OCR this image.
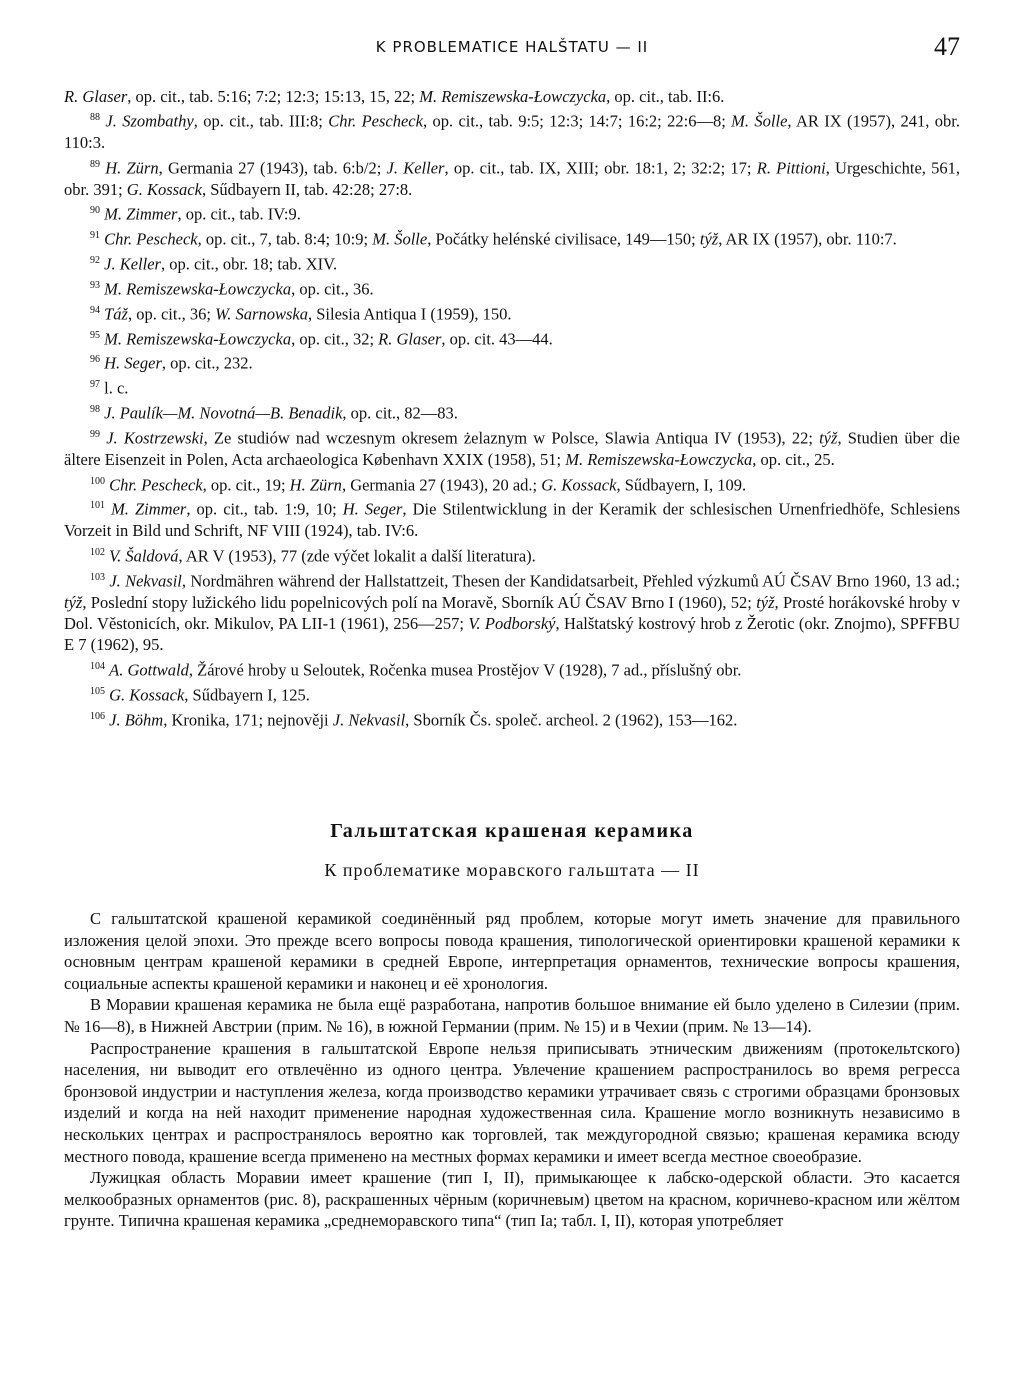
K PROBLEMATICE HALŠTATU — II	47

R. Glaser, op. cit., tab. 5:16; 7:2; 12:3; 15:13, 15, 22; M. Remiszewska-Łowczycka, op. cit., tab. II:6.

$^{88}$ J. Szombathy, op. cit., tab. III:8; Chr. Pescheck, op. cit., tab. 9:5; 12:3; 14:7; 16:2; 22:6—8; M. Šolle, AR IX (1957), 241, obr. 110:3.

$^{89}$ H. Zürn, Germania 27 (1943), tab. 6:b/2; J. Keller, op. cit., tab. IX, XIII; obr. 18:1, 2; 32:2; 17; R. Pittioni, Urgeschichte, 561, obr. 391; G. Kossack, Sűdbayern II, tab. 42:28; 27:8.

$^{90}$ M. Zimmer, op. cit., tab. IV:9.

$^{91}$ Chr. Pescheck, op. cit., 7, tab. 8:4; 10:9; M. Šolle, Počátky helénské civilisace, 149—150; týž, AR IX (1957), obr. 110:7.

$^{92}$ J. Keller, op. cit., obr. 18; tab. XIV.

$^{93}$ M. Remiszewska-Łowczycka, op. cit., 36.

$^{94}$ Táž, op. cit., 36; W. Sarnowska, Silesia Antiqua I (1959), 150.

$^{95}$ M. Remiszewska-Łowczycka, op. cit., 32; R. Glaser, op. cit. 43—44.

$^{96}$ H. Seger, op. cit., 232.

$^{97}$ l. c.

$^{98}$ J. Paulík—M. Novotná—B. Benadik, op. cit., 82—83.

$^{99}$ J. Kostrzewski, Ze studiów nad wczesnym okresem żelaznym w Polsce, Slawia Antiqua IV (1953), 22; týž, Studien über die ältere Eisenzeit in Polen, Acta archaeologica København XXIX (1958), 51; M. Remiszewska-Łowczycka, op. cit., 25.

$^{100}$ Chr. Pescheck, op. cit., 19; H. Zürn, Germania 27 (1943), 20 ad.; G. Kossack, Sűdbayern, I, 109.

$^{101}$ M. Zimmer, op. cit., tab. 1:9, 10; H. Seger, Die Stilentwicklung in der Keramik der schlesischen Urnenfriedhöfe, Schlesiens Vorzeit in Bild und Schrift, NF VIII (1924), tab. IV:6.

$^{102}$ V. Šaldová, AR V (1953), 77 (zde výčet lokalit a další literatura).

$^{103}$ J. Nekvasil, Nordmähren während der Hallstattzeit, Thesen der Kandidatsarbeit, Přehled výzkumů AÚ ČSAV Brno 1960, 13 ad.; týž, Poslední stopy lužického lidu popelnicových polí na Moravě, Sborník AÚ ČSAV Brno I (1960), 52; týž, Prosté horákovské hroby v Dol. Věstonicích, okr. Mikulov, PA LII-1 (1961), 256—257; V. Podborský, Halštatský kostrový hrob z Žerotic (okr. Znojmo), SPFFBU E 7 (1962), 95.

$^{104}$ A. Gottwald, Žárové hroby u Seloutek, Ročenka musea Prostějov V (1928), 7 ad., příslušný obr.

$^{105}$ G. Kossack, Sűdbayern I, 125.

$^{106}$ J. Böhm, Kronika, 171; nejnověji J. Nekvasil, Sborník Čs. společ. archeol. 2 (1962), 153—162.

Гальштатская крашеная керамика
К проблематике моравского гальштата — II

С гальштатской крашеной керамикой соединённый ряд проблем, которые могут иметь значение для правильного изложения целой эпохи. Это прежде всего вопросы повода крашения, типологической ориентировки крашеной керамики к основным центрам крашеной керамики в средней Европе, интерпретация орнаментов, технические вопросы крашения, социальные аспекты крашеной керамики и наконец и её хронология.

В Моравии крашеная керамика не была ещё разработана, напротив большое внимание ей было уделено в Силезии (прим. № 16—8), в Нижней Австрии (прим. № 16), в южной Германии (прим. № 15) и в Чехии (прим. № 13—14).

Распространение крашения в гальштатской Европе нельзя приписывать этническим движениям (протокельтского) населения, ни выводит его отвлечённо из одного центра. Увлечение крашением распространилось во время регресса бронзовой индустрии и наступления железа, когда производство керамики утрачивает связь с строгими образцами бронзовых изделий и когда на ней находит применение народная художественная сила. Крашение могло возникнуть независимо в нескольких центрах и распространялось вероятно как торговлей, так междугородной связью; крашеная керамика всюду местного повода, крашение всегда применено на местных формах керамики и имеет всегда местное своеобразие.

Лужицкая область Моравии имеет крашение (тип I, II), примыкающее к лабско-одерской области. Это касается мелкообразных орнаментов (рис. 8), раскрашенных чёрным (коричневым) цветом на красном, коричнево-красном или жёлтом грунте. Типична крашеная керамика „среднеморавского типа“ (тип Ia; табл. I, II), которая употребляет
